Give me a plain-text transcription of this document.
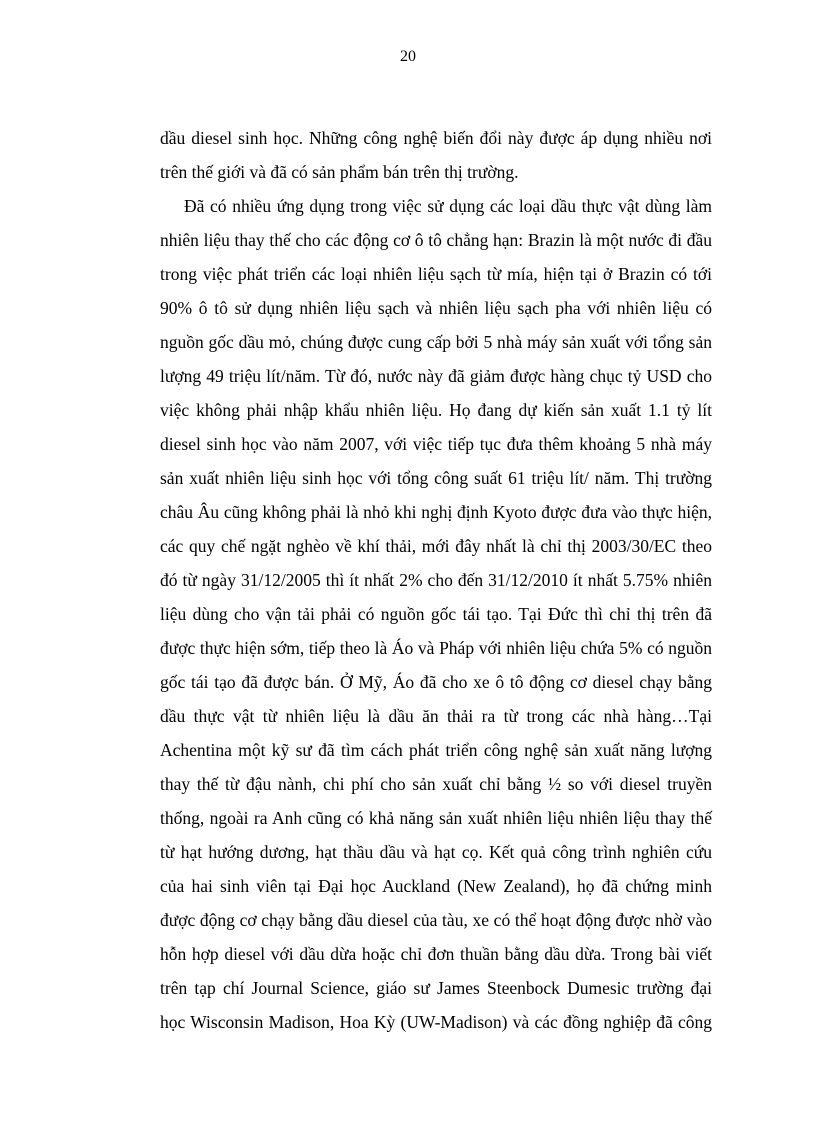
20
dầu diesel sinh học. Những công nghệ biến đổi này được áp dụng nhiều nơi
trên thế giới và đã có sản phẩm bán trên thị trường.
Đã có nhiều ứng dụng trong việc sử dụng các loại dầu thực vật dùng làm
nhiên liệu thay thế cho các động cơ ô tô chẳng hạn: Brazin là một nước đi đầu
trong việc phát triển các loại nhiên liệu sạch từ mía, hiện tại ở Brazin có tới
90% ô tô sử dụng nhiên liệu sạch và nhiên liệu sạch pha với nhiên liệu có
nguồn gốc dầu mỏ, chúng được cung cấp bởi 5 nhà máy sản xuất với tổng sản
lượng 49 triệu lít/năm. Từ đó, nước này đã giảm được hàng chục tỷ USD cho
việc không phải nhập khẩu nhiên liệu. Họ đang dự kiến sản xuất 1.1 tỷ lít
diesel sinh học vào năm 2007, với việc tiếp tục đưa thêm khoảng 5 nhà máy
sản xuất nhiên liệu sinh học với tổng công suất 61 triệu lít/ năm. Thị trường
châu Âu cũng không phải là nhỏ khi nghị định Kyoto được đưa vào thực hiện,
các quy chế ngặt nghèo về khí thải, mới đây nhất là chỉ thị 2003/30/EC theo
đó từ ngày 31/12/2005 thì ít nhất 2% cho đến 31/12/2010 ít nhất 5.75% nhiên
liệu dùng cho vận tải phải có nguồn gốc tái tạo. Tại Đức thì chỉ thị trên đã
được thực hiện sớm, tiếp theo là Áo và Pháp với nhiên liệu chứa 5% có nguồn
gốc tái tạo đã được bán. Ở Mỹ, Áo đã cho xe ô tô động cơ diesel chạy bằng
dầu thực vật từ nhiên liệu là dầu ăn thải ra từ trong các nhà hàng…Tại
Achentina một kỹ sư đã tìm cách phát triển công nghệ sản xuất năng lượng
thay thế từ đậu nành, chi phí cho sản xuất chỉ bằng ½ so với diesel truyền
thống, ngoài ra Anh cũng có khả năng sản xuất nhiên liệu nhiên liệu thay thế
từ hạt hướng dương, hạt thầu dầu và hạt cọ. Kết quả công trình nghiên cứu
của hai sinh viên tại Đại học Auckland (New Zealand), họ đã chứng minh
được động cơ chạy bằng dầu diesel của tàu, xe có thể hoạt động được nhờ vào
hỗn hợp diesel với dầu dừa hoặc chỉ đơn thuần bằng dầu dừa. Trong bài viết
trên tạp chí Journal Science, giáo sư James Steenbock Dumesic trường đại
học Wisconsin Madison, Hoa Kỳ (UW-Madison) và các đồng nghiệp đã công
